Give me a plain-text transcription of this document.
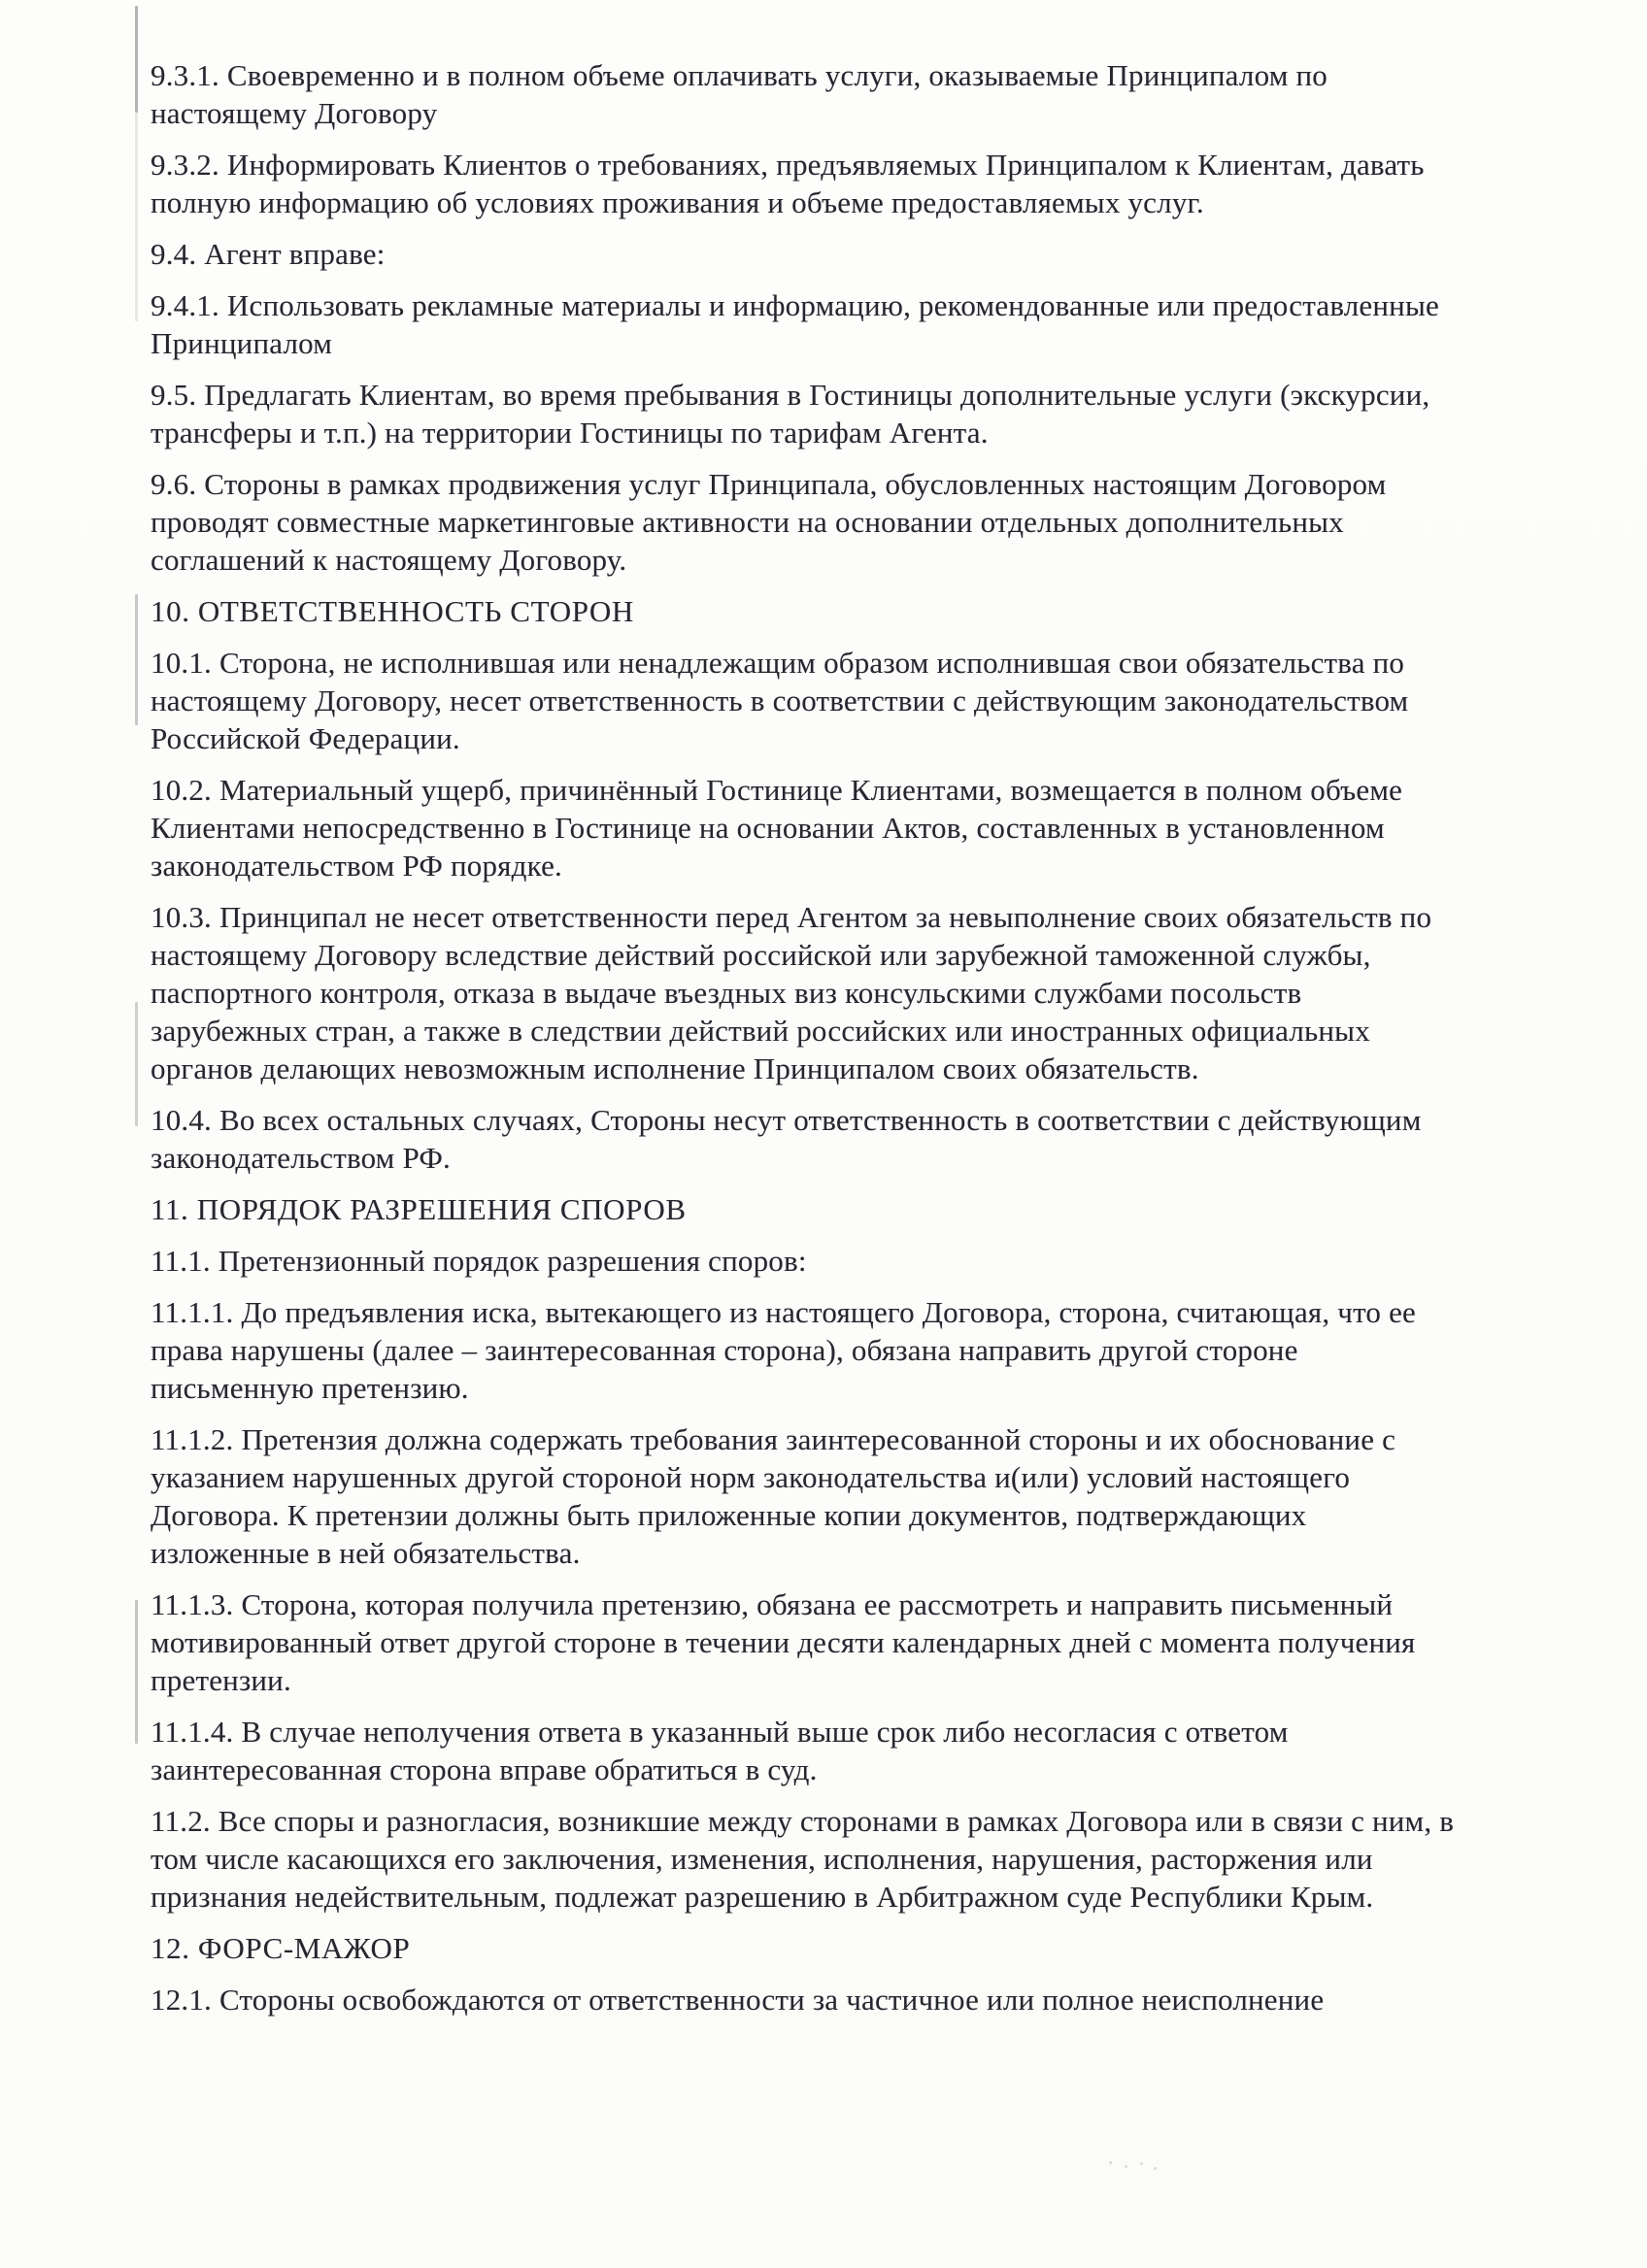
9.3.1. Своевременно и в полном объеме оплачивать услуги, оказываемые Принципалом по настоящему Договору

9.3.2. Информировать Клиентов о требованиях, предъявляемых Принципалом к Клиентам, давать полную информацию об условиях проживания и объеме предоставляемых услуг.

9.4. Агент вправе:

9.4.1. Использовать рекламные материалы и информацию, рекомендованные или предоставленные Принципалом

9.5. Предлагать Клиентам, во время пребывания в Гостиницы дополнительные услуги (экскурсии, трансферы и т.п.) на территории Гостиницы по тарифам Агента.

9.6. Стороны в рамках продвижения услуг Принципала, обусловленных настоящим Договором проводят совместные маркетинговые активности на основании отдельных дополнительных соглашений к настоящему Договору.

10. ОТВЕТСТВЕННОСТЬ СТОРОН

10.1. Сторона, не исполнившая или ненадлежащим образом исполнившая свои обязательства по настоящему Договору, несет ответственность в соответствии с действующим законодательством Российской Федерации.

10.2. Материальный ущерб, причинённый Гостинице Клиентами, возмещается в полном объеме Клиентами непосредственно в Гостинице на основании Актов, составленных в установленном законодательством РФ порядке.

10.3. Принципал не несет ответственности перед Агентом за невыполнение своих обязательств по настоящему Договору вследствие действий российской или зарубежной таможенной службы, паспортного контроля, отказа в выдаче въездных виз консульскими службами посольств зарубежных стран, а также в следствии действий российских или иностранных официальных органов делающих невозможным исполнение Принципалом своих обязательств.

10.4. Во всех остальных случаях, Стороны несут ответственность в соответствии с действующим законодательством РФ.

11. ПОРЯДОК РАЗРЕШЕНИЯ СПОРОВ

11.1. Претензионный порядок разрешения споров:

11.1.1. До предъявления иска, вытекающего из настоящего Договора, сторона, считающая, что ее права нарушены (далее – заинтересованная сторона), обязана направить другой стороне письменную претензию.

11.1.2. Претензия должна содержать требования заинтересованной стороны и их обоснование с указанием нарушенных другой стороной норм законодательства и(или) условий настоящего Договора. К претензии должны быть приложенные копии документов, подтверждающих изложенные в ней обязательства.

11.1.3. Сторона, которая получила претензию, обязана ее рассмотреть и направить письменный мотивированный ответ другой стороне в течении десяти календарных дней с момента получения претензии.

11.1.4. В случае неполучения ответа в указанный выше срок либо несогласия с ответом заинтересованная сторона вправе обратиться в суд.

11.2. Все споры и разногласия, возникшие между сторонами в рамках Договора или в связи с ним, в том числе касающихся его заключения, изменения, исполнения, нарушения, расторжения или признания недействительным, подлежат разрешению в Арбитражном суде Республики Крым.

12. ФОРС-МАЖОР

12.1. Стороны освобождаются от ответственности за частичное или полное неисполнение
